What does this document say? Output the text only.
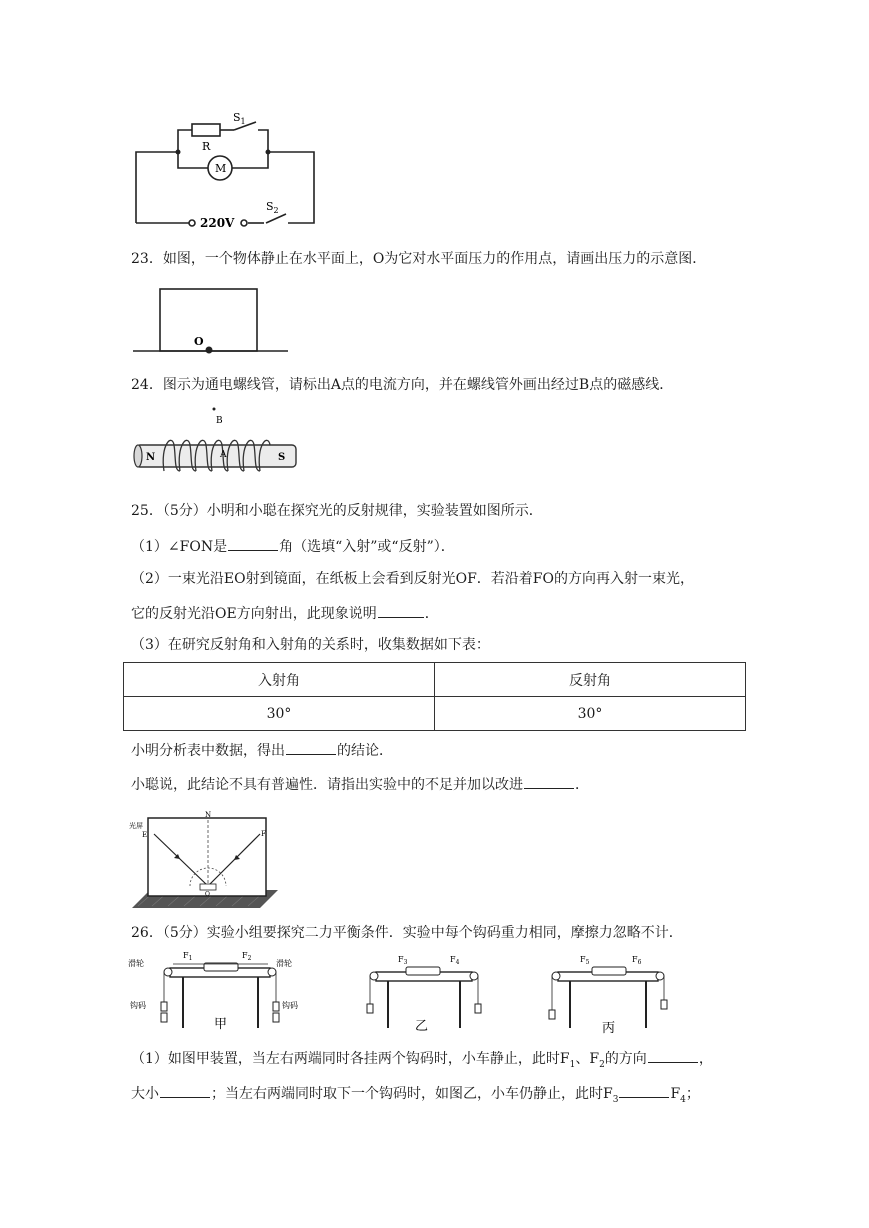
$S_1$
R
M
220V
$S_2$
23．如图，一个物体静止在水平面上，O为它对水平面压力的作用点，请画出压力的示意图．
O
24．图示为通电螺线管，请标出A点的电流方向，并在螺线管外画出经过B点的磁感线．
B
N	A	S
25．（5分）小明和小聪在探究光的反射规律，实验装置如图所示．
（1）∠FON是	角（选填“入射”或“反射”）．
（2）一束光沿EO射到镜面，在纸板上会看到反射光OF．若沿着FO的方向再入射一束光，
它的反射光沿OE方向射出，此现象说明	．
（3）在研究反射角和入射角的关系时，收集数据如下表：
入射角	反射角
30°	30°
小明分析表中数据，得出	的结论．
小聪说，此结论不具有普遍性．请指出实验中的不足并加以改进	．
N
光屏
E	F
O
26．（5分）实验小组要探究二力平衡条件．实验中每个钩码重力相同，摩擦力忽略不计．
$F_1$	$F_2$
滑轮	滑轮
钩码	钩码
甲
$F_3$	$F_4$
乙
$F_5$	$F_6$
丙
（1）如图甲装置，当左右两端同时各挂两个钩码时，小车静止，此时$F_1$、$F_2$的方向	，
大小	；当左右两端同时取下一个钩码时，如图乙，小车仍静止，此时$F_3$	$F_4$；
